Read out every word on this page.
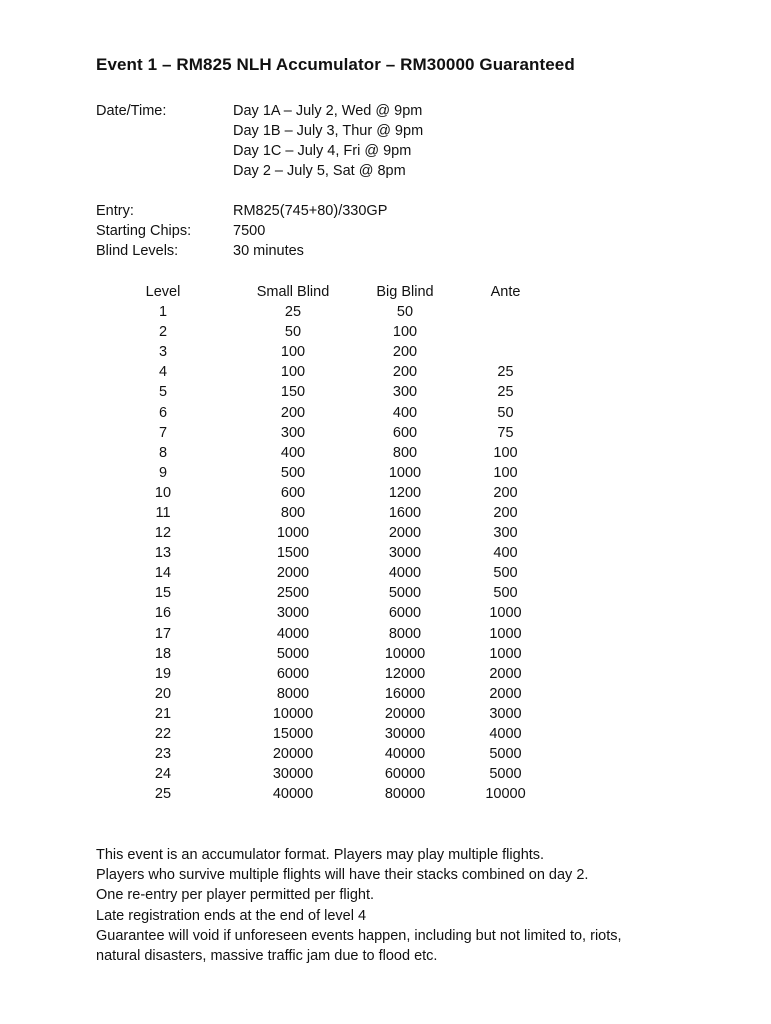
Event 1 – RM825 NLH Accumulator – RM30000 Guaranteed
Date/Time:	Day 1A – July 2, Wed @ 9pm
Day 1B – July 3, Thur @ 9pm
Day 1C – July 4, Fri @ 9pm
Day 2 – July 5, Sat @ 8pm
Entry:	RM825(745+80)/330GP
Starting Chips:	7500
Blind Levels:	30 minutes
Level	Small Blind	Big Blind	Ante
1	25	50	
2	50	100	
3	100	200	
4	100	200	25
5	150	300	25
6	200	400	50
7	300	600	75
8	400	800	100
9	500	1000	100
10	600	1200	200
11	800	1600	200
12	1000	2000	300
13	1500	3000	400
14	2000	4000	500
15	2500	5000	500
16	3000	6000	1000
17	4000	8000	1000
18	5000	10000	1000
19	6000	12000	2000
20	8000	16000	2000
21	10000	20000	3000
22	15000	30000	4000
23	20000	40000	5000
24	30000	60000	5000
25	40000	80000	10000

This event is an accumulator format. Players may play multiple flights.

Players who survive multiple flights will have their stacks combined on day 2.

One re-entry per player permitted per flight.

Late registration ends at the end of level 4

Guarantee will void if unforeseen events happen, including but not limited to, riots,

natural disasters, massive traffic jam due to flood etc.
